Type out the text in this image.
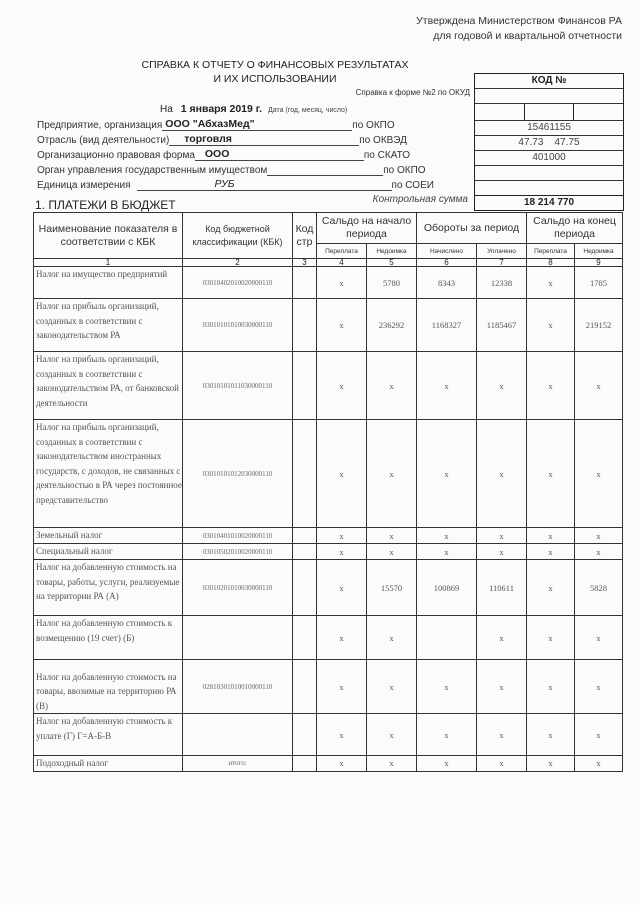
Утверждена Министерством Финансов РА
для годовой и квартальной отчетности
СПРАВКА К ОТЧЕТУ О ФИНАНСОВЫХ РЕЗУЛЬТАТАХ
И ИХ ИСПОЛЬЗОВАНИИ
Справка к форме №2 по ОКУД
На 1 января 2019 г. Дата (год, месяц, число)
Предприятие, организация ООО "АбхазМед"	по ОКПО
Отрасль (вид деятельности) торговля	по ОКВЭД
Организационно правовая форма ООО	по СКАТО
Орган управления государственным имуществом	по ОКПО
Единица измерения	РУБ	по СОЕИ
КОД №
15461155
47.73    47.75
401000
18 214 770
Контрольная сумма
1. ПЛАТЕЖИ В БЮДЖЕТ
Наименование показателя в соответствии с КБК	Код бюджетной классификации (КБК)	Код стр	Сальдо на начало периода		Обороты за период		Сальдо на конец периода	
			Переплата	Недоимка	Начислено	Уплачено	Переплата	Недоимка
1	2	3	4	5	6	7	8	9
Налог на имущество предприятий	03010402010020000110		x	5780	8343	12338	x	1785
Налог на прибыль организаций, созданных в соответствии с законодательством РА	03010101010030000110		x	236292	1168327	1185467	x	219152
Налог на прибыль организаций, созданных в соответствии с законодательством РА, от банковской деятельности	03010101011030000110		x	x	x	x	x	x
Налог на прибыль организаций, созданных в соответствии с законодательством иностранных государств, с доходов, не связанных с деятельностью в РА через постоянное представительство	03010101012030000110		x	x	x	x	x	x
Земельный налог	03010401010020000110		x	x	x	x	x	x
Специальный налог	03010502010020000110		x	x	x	x	x	x
Налог на добавленную стоимость на товары, работы, услуги, реализуемые на территории РА (А)	03010201010030000110		x	15570	100869	110611	x	5828
Налог на добавленную стоимость к возмещению (19 счет) (Б)			x	x		x	x	x
Налог на добавленную стоимость на товары, ввозимые на территорию РА (В)	02810301010010000110		x	x	x	x	x	x
Налог на добавленную стоимость к уплате (Г) Г=А-Б-В			x	x	x	x	x	x
Подоходный налог	итого:		x	x	x	x	x	x
